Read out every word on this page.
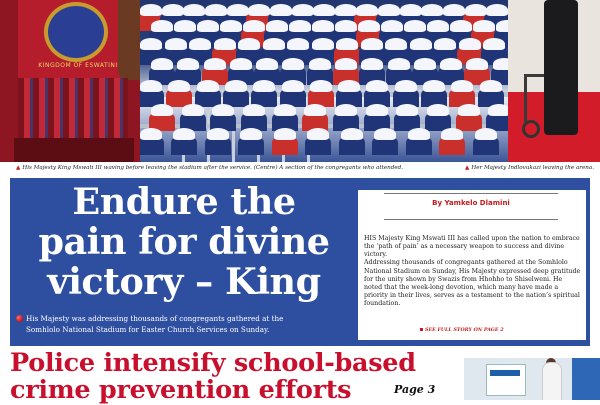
KINGDOM OF ESWATINI
▲ His Majesty King Mswati III waving before leaving the stadium after the service. (Centre) A section of the congregants who attended.	▲ Her Majesty Indlovukazi leaving the arena.
Endure the
pain for divine
victory – King
His Majesty was addressing thousands of congregants gathered at the
Somhlolo National Stadium for Easter Church Services on Sunday.
By Yamkelo Dlamini

HIS Majesty King Mswati III has called upon the nation to embrace the ‘path of pain’ as a necessary weapon to success and divine victory.

Addressing thousands of congregants gathered at the Somhlolo National Stadium on Sunday, His Majesty expressed deep gratitude for the unity shown by Swazis from Hhohho to Shiselweni. He noted that the week-long devotion, which many have made a priority in their lives, serves as a testament to the nation’s spiritual foundation.

SEE FULL STORY ON PAGE 2
Police intensify school-based
crime prevention efforts	Page 3
